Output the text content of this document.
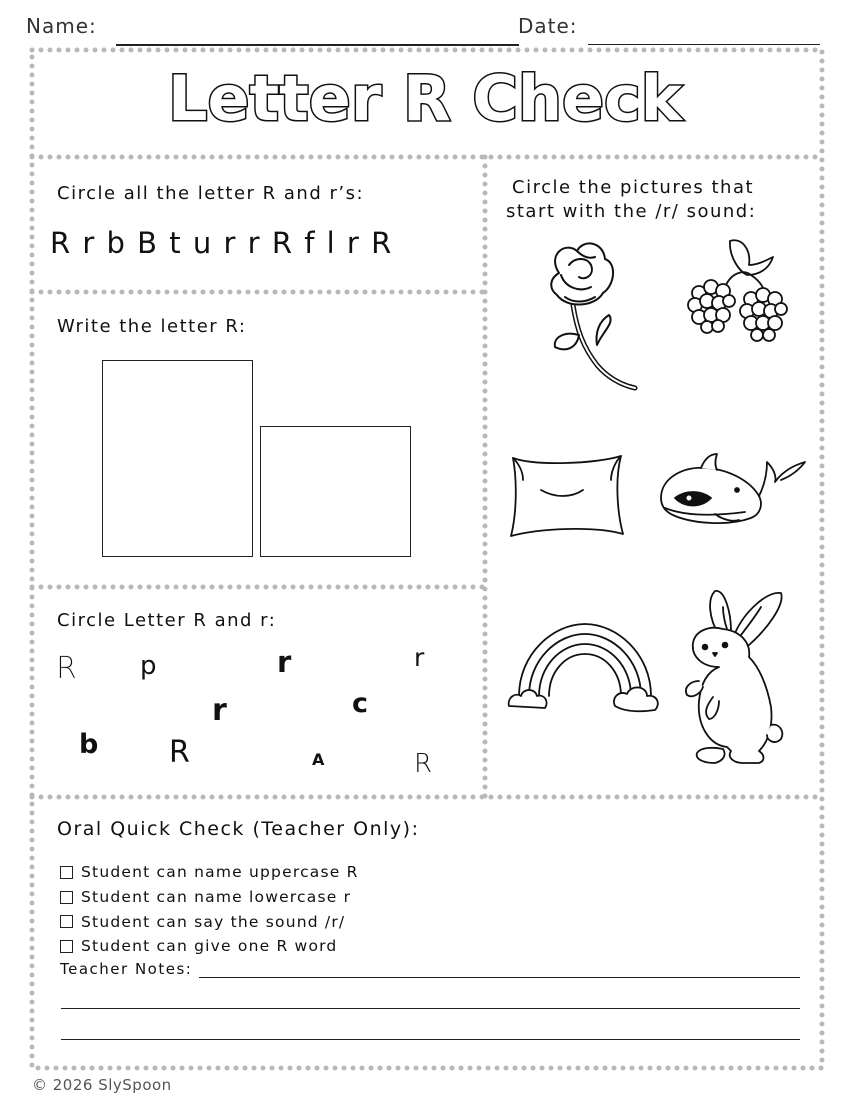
Name:	Date:
Letter R Check
Circle all the letter R and r’s:
R r b B t u r r R f l r R
Write the letter R:
Circle Letter R and r:
R p	r	r
r	c
b R	A	R
Circle the pictures that
start with the /r/ sound:
Oral Quick Check (Teacher Only):
Student can name uppercase R
Student can name lowercase r
Student can say the sound /r/
Student can give one R word
Teacher Notes:
© 2026 SlySpoon
